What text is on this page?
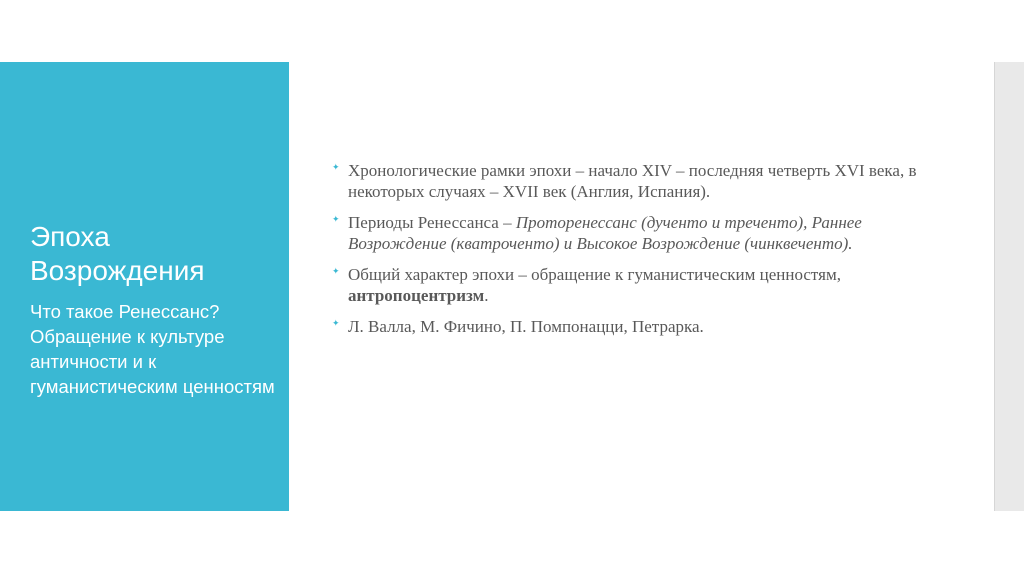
Эпоха Возрождения

Что такое Ренессанс? Обращение к культуре античности и к гуманистическим ценностям

✦ Хронологические рамки эпохи – начало XIV – последняя четверть XVI века, в некоторых случаях – XVII век (Англия, Испания).
✦ Периоды Ренессанса – Проторенессанс (дученто и треченто), Раннее Возрождение (кватроченто) и Высокое Возрождение (чинквеченто).
✦ Общий характер эпохи – обращение к гуманистическим ценностям, антропоцентризм.
✦ Л. Валла, М. Фичино, П. Помпонацци, Петрарка.
